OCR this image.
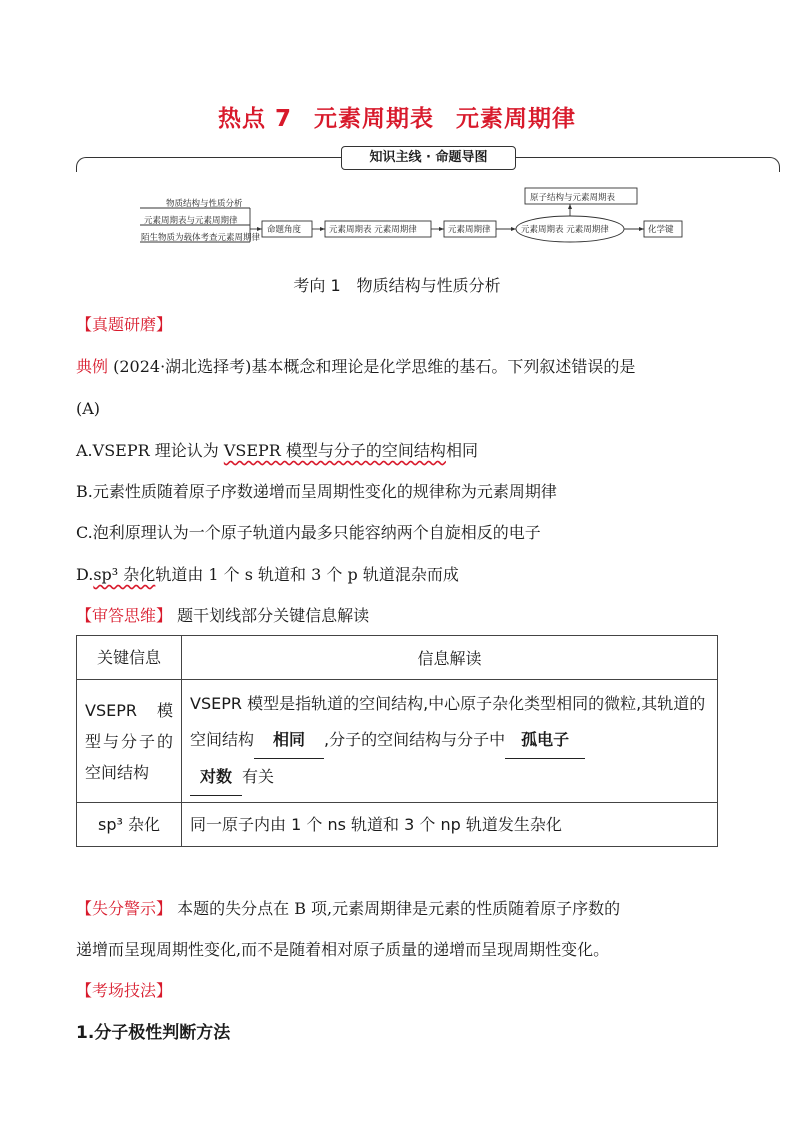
热点 7 元素周期表 元素周期律
知识主线 · 命题导图
物质结构与性质分析
元素周期表与元素周期律
陌生物质为载体考查元素周期律
命题角度	元素周期表 元素周期律	元素周期律	元素周期表 元素周期律	化学键
原子结构与元素周期表
考向 1　物质结构与性质分析
【真题研磨】
典例 (2024·湖北选择考)基本概念和理论是化学思维的基石。下列叙述错误的是
(A)
A.VSEPR 理论认为 VSEPR 模型与分子的空间结构相同
B.元素性质随着原子序数递增而呈周期性变化的规律称为元素周期律
C.泡利原理认为一个原子轨道内最多只能容纳两个自旋相反的电子
D.sp³ 杂化轨道由 1 个 s 轨道和 3 个 p 轨道混杂而成
【审答思维】 题干划线部分关键信息解读
关键信息	信息解读
VSEPR 模型与分子的空间结构	VSEPR 模型是指轨道的空间结构,中心原子杂化类型相同的微粒,其轨道的空间结构 相同 ,分子的空间结构与分子中 孤电子
对数 有关
sp³ 杂化	同一原子内由 1 个 ns 轨道和 3 个 np 轨道发生杂化
【失分警示】 本题的失分点在 B 项,元素周期律是元素的性质随着原子序数的
递增而呈现周期性变化,而不是随着相对原子质量的递增而呈现周期性变化。
【考场技法】
1.分子极性判断方法
